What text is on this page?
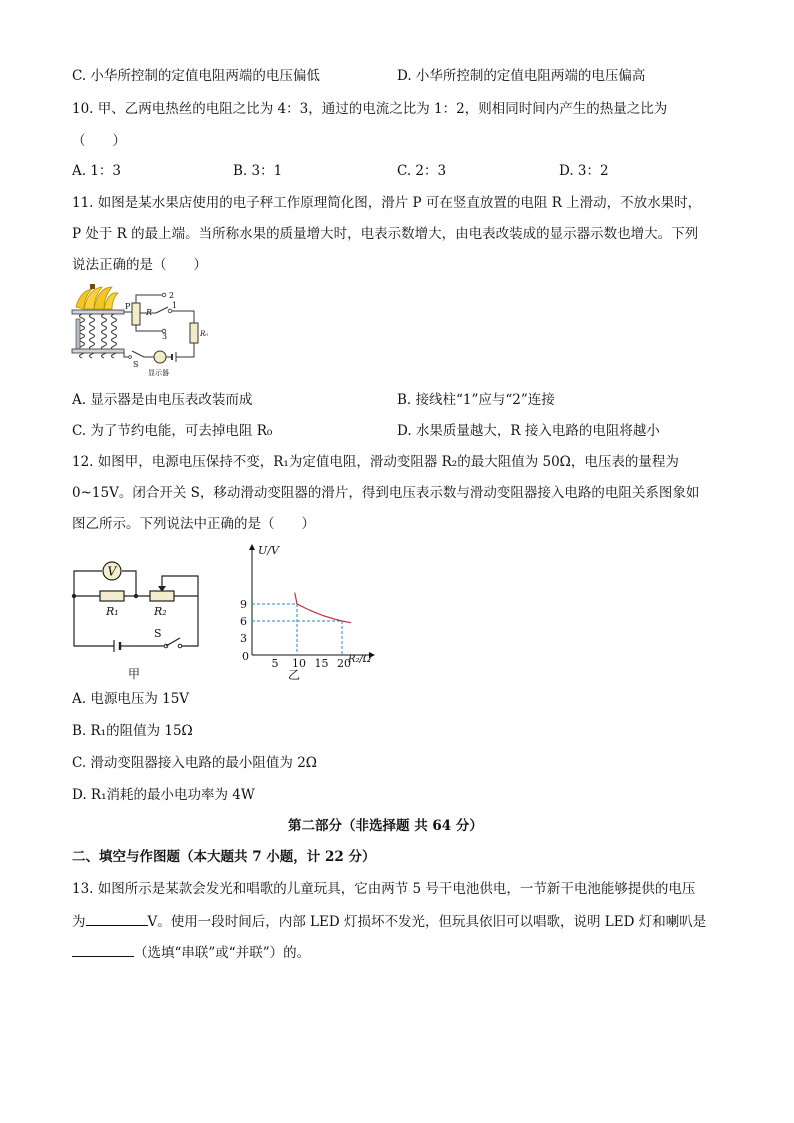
C. 小华所控制的定值电阻两端的电压偏低	D. 小华所控制的定值电阻两端的电压偏高
10. 甲、乙两电热丝的电阻之比为 4：3，通过的电流之比为 1：2，则相同时间内产生的热量之比为
（　　）
A. 1：3	B. 3：1	C. 2：3	D. 3：2
11. 如图是某水果店使用的电子秤工作原理简化图，滑片 P 可在竖直放置的电阻 R 上滑动，不放水果时，
P 处于 R 的最上端。当所称水果的质量增大时，电表示数增大，由电表改装成的显示器示数也增大。下列
说法正确的是（　　）
P
R
2
3
1
R₀
显示器
S
A. 显示器是由电压表改装而成	B. 接线柱“1”应与“2”连接
C. 为了节约电能，可去掉电阻 R₀	D. 水果质量越大，R 接入电路的电阻将越小
12. 如图甲，电源电压保持不变，R₁为定值电阻，滑动变阻器 R₂的最大阻值为 50Ω，电压表的量程为
0~15V。闭合开关 S，移动滑动变阻器的滑片，得到电压表示数与滑动变阻器接入电路的电阻关系图象如
图乙所示。下列说法中正确的是（　　）
V
R₁	R₂
S
甲
U/V
R₂/Ω
0
乙
5 10 15 20
3
6
9
A. 电源电压为 15V
B. R₁的阻值为 15Ω
C. 滑动变阻器接入电路的最小阻值为 2Ω
D. R₁消耗的最小电功率为 4W
第二部分（非选择题 共 64 分）
二、填空与作图题（本大题共 7 小题，计 22 分）
13. 如图所示是某款会发光和唱歌的儿童玩具，它由两节 5 号干电池供电，一节新干电池能够提供的电压
为	V。使用一段时间后，内部 LED 灯损坏不发光，但玩具依旧可以唱歌，说明 LED 灯和喇叭是
（选填“串联”或“并联”）的。
